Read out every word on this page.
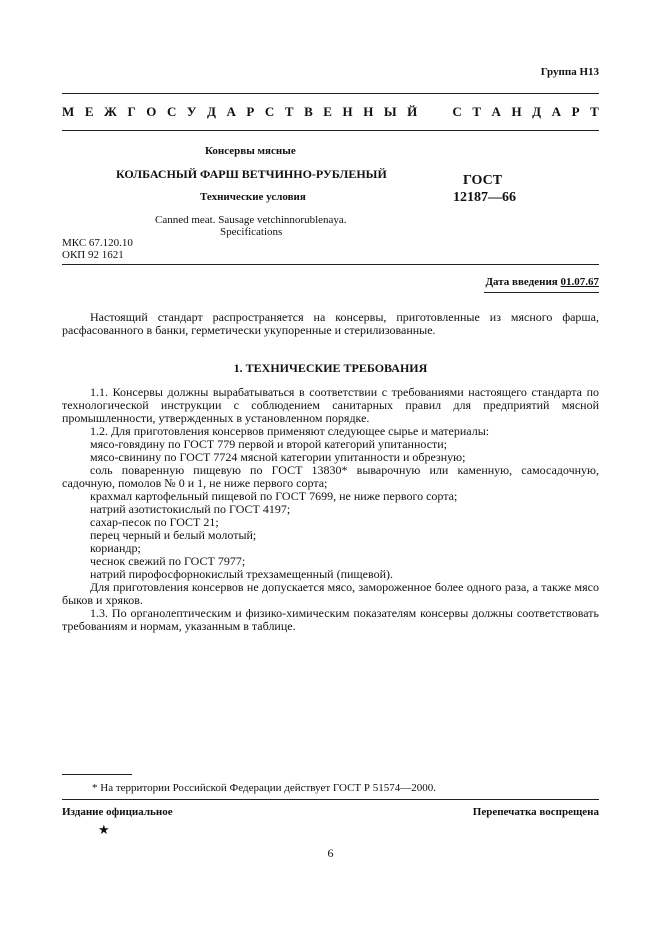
Группа Н13
М Е Ж Г О С У Д А Р С Т В Е Н Н Ы Й
	С Т А Н Д А Р Т
Консервы мясные
КОЛБАСНЫЙ ФАРШ ВЕТЧИННО-РУБЛЕНЫЙ
Технические условия
Canned meat. Sausage vetchinnorublenaya.
Specifications
ГОСТ
12187—66
МКС 67.120.10
ОКП 92 1621
Дата введения 01.07.67

Настоящий стандарт распространяется на консервы, приготовленные из мясного фарша, расфасованного в банки, герметически укупоренные и стерилизованные.

1. ТЕХНИЧЕСКИЕ ТРЕБОВАНИЯ

1.1. Консервы должны вырабатываться в соответствии с требованиями настоящего стандарта по технологической инструкции с соблюдением санитарных правил для предприятий мясной промышленности, утвержденных в установленном порядке.

1.2. Для приготовления консервов применяют следующее сырье и материалы:

мясо-говядину по ГОСТ 779 первой и второй категорий упитанности;

мясо-свинину по ГОСТ 7724 мясной категории упитанности и обрезную;

соль поваренную пищевую по ГОСТ 13830* выварочную или каменную, самосадочную, садочную, помолов № 0 и 1, не ниже первого сорта;

крахмал картофельный пищевой по ГОСТ 7699, не ниже первого сорта;

натрий азотистокислый по ГОСТ 4197;

сахар-песок по ГОСТ 21;

перец черный и белый молотый;

кориандр;

чеснок свежий по ГОСТ 7977;

натрий пирофосфорнокислый трехзамещенный (пищевой).

Для приготовления консервов не допускается мясо, замороженное более одного раза, а также мясо быков и хряков.

1.3. По органолептическим и физико-химическим показателям консервы должны соответствовать требованиям и нормам, указанным в таблице.

* На территории Российской Федерации действует ГОСТ Р 51574—2000.
Издание официальное	Перепечатка воспрещена
★
6
